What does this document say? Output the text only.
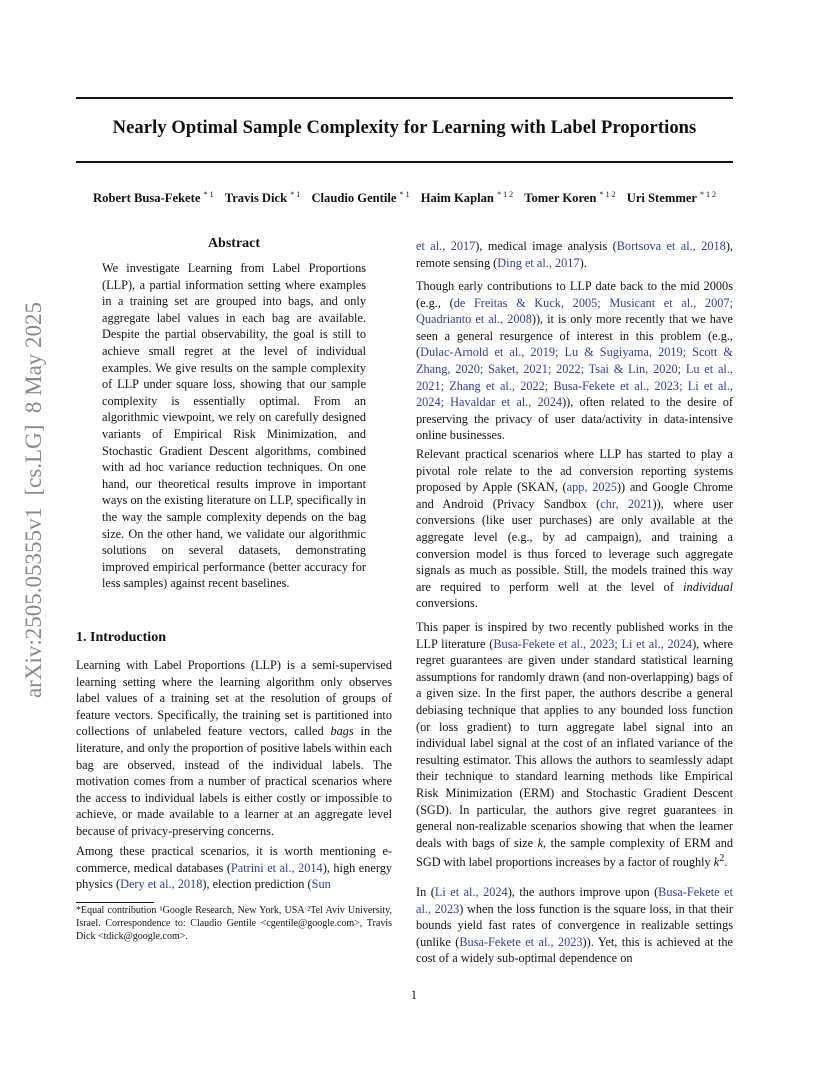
Nearly Optimal Sample Complexity for Learning with Label Proportions
Robert Busa-Fekete $^{* 1}$ Travis Dick $^{* 1}$ Claudio Gentile $^{* 1}$ Haim Kaplan $^{* 1 2}$ Tomer Koren $^{* 1 2}$ Uri Stemmer $^{* 1 2}$
arXiv:2505.05355v1  [cs.LG]  8 May 2025
Abstract
We investigate Learning from Label Proportions (LLP), a partial information setting where examples in a training set are grouped into bags, and only aggregate label values in each bag are available. Despite the partial observability, the goal is still to achieve small regret at the level of individual examples. We give results on the sample complexity of LLP under square loss, showing that our sample complexity is essentially optimal. From an algorithmic viewpoint, we rely on carefully designed variants of Empirical Risk Minimization, and Stochastic Gradient Descent algorithms, combined with ad hoc variance reduction techniques. On one hand, our theoretical results improve in important ways on the existing literature on LLP, specifically in the way the sample complexity depends on the bag size. On the other hand, we validate our algorithmic solutions on several datasets, demonstrating improved empirical performance (better accuracy for less samples) against recent baselines.
1. Introduction

Learning with Label Proportions (LLP) is a semi-supervised learning setting where the learning algorithm only observes label values of a training set at the resolution of groups of feature vectors. Specifically, the training set is partitioned into collections of unlabeled feature vectors, called bags in the literature, and only the proportion of positive labels within each bag are observed, instead of the individual labels. The motivation comes from a number of practical scenarios where the access to individual labels is either costly or impossible to achieve, or made available to a learner at an aggregate level because of privacy-preserving concerns.

Among these practical scenarios, it is worth mentioning e-commerce, medical databases (Patrini et al., 2014), high energy physics (Dery et al., 2018), election prediction (Sun

*Equal contribution ¹Google Research, New York, USA ²Tel Aviv University, Israel. Correspondence to: Claudio Gentile <cgentile@google.com>, Travis Dick <tdick@google.com>.

et al., 2017), medical image analysis (Bortsova et al., 2018), remote sensing (Ding et al., 2017).

Though early contributions to LLP date back to the mid 2000s (e.g., (de Freitas & Kuck, 2005; Musicant et al., 2007; Quadrianto et al., 2008)), it is only more recently that we have seen a general resurgence of interest in this problem (e.g., (Dulac-Arnold et al., 2019; Lu & Sugiyama, 2019; Scott & Zhang, 2020; Saket, 2021; 2022; Tsai & Lin, 2020; Lu et al., 2021; Zhang et al., 2022; Busa-Fekete et al., 2023; Li et al., 2024; Havaldar et al., 2024)), often related to the desire of preserving the privacy of user data/activity in data-intensive online businesses.

Relevant practical scenarios where LLP has started to play a pivotal role relate to the ad conversion reporting systems proposed by Apple (SKAN, (app, 2025)) and Google Chrome and Android (Privacy Sandbox (chr, 2021)), where user conversions (like user purchases) are only available at the aggregate level (e.g., by ad campaign), and training a conversion model is thus forced to leverage such aggregate signals as much as possible. Still, the models trained this way are required to perform well at the level of individual conversions.

This paper is inspired by two recently published works in the LLP literature (Busa-Fekete et al., 2023; Li et al., 2024), where regret guarantees are given under standard statistical learning assumptions for randomly drawn (and non-overlapping) bags of a given size. In the first paper, the authors describe a general debiasing technique that applies to any bounded loss function (or loss gradient) to turn aggregate label signal into an individual label signal at the cost of an inflated variance of the resulting estimator. This allows the authors to seamlessly adapt their technique to standard learning methods like Empirical Risk Minimization (ERM) and Stochastic Gradient Descent (SGD). In particular, the authors give regret guarantees in general non-realizable scenarios showing that when the learner deals with bags of size k, the sample complexity of ERM and SGD with label proportions increases by a factor of roughly $k^2$.

In (Li et al., 2024), the authors improve upon (Busa-Fekete et al., 2023) when the loss function is the square loss, in that their bounds yield fast rates of convergence in realizable settings (unlike (Busa-Fekete et al., 2023)). Yet, this is achieved at the cost of a widely sub-optimal dependence on

1
